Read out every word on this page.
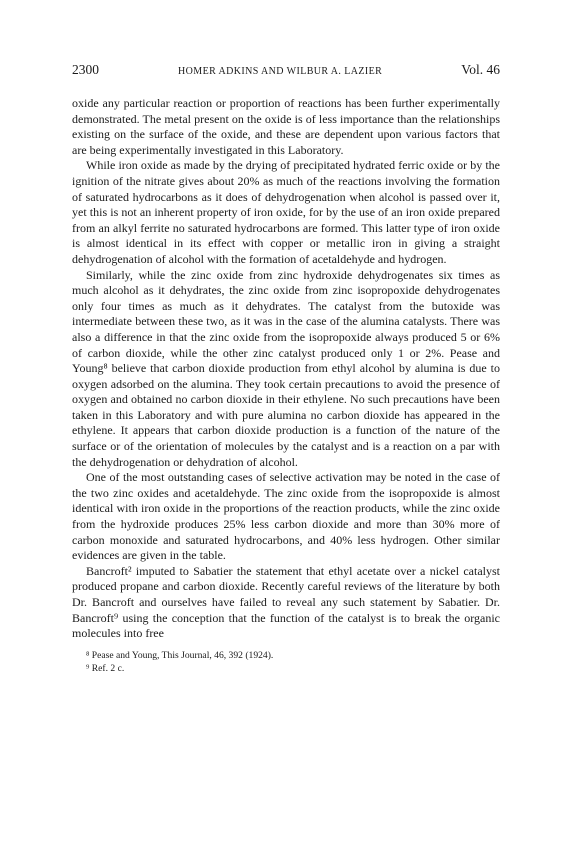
2300	HOMER ADKINS AND WILBUR A. LAZIER	Vol. 46

oxide any particular reaction or proportion of reactions has been further experimentally demonstrated. The metal present on the oxide is of less importance than the relationships existing on the surface of the oxide, and these are dependent upon various factors that are being experimentally investigated in this Laboratory.

While iron oxide as made by the drying of precipitated hydrated ferric oxide or by the ignition of the nitrate gives about 20% as much of the reactions involving the formation of saturated hydrocarbons as it does of dehydrogenation when alcohol is passed over it, yet this is not an inherent property of iron oxide, for by the use of an iron oxide prepared from an alkyl ferrite no saturated hydrocarbons are formed. This latter type of iron oxide is almost identical in its effect with copper or metallic iron in giving a straight dehydrogenation of alcohol with the formation of acetaldehyde and hydrogen.

Similarly, while the zinc oxide from zinc hydroxide dehydrogenates six times as much alcohol as it dehydrates, the zinc oxide from zinc isopropoxide dehydrogenates only four times as much as it dehydrates. The catalyst from the butoxide was intermediate between these two, as it was in the case of the alumina catalysts. There was also a difference in that the zinc oxide from the isopropoxide always produced 5 or 6% of carbon dioxide, while the other zinc catalyst produced only 1 or 2%. Pease and Young⁸ believe that carbon dioxide production from ethyl alcohol by alumina is due to oxygen adsorbed on the alumina. They took certain precautions to avoid the presence of oxygen and obtained no carbon dioxide in their ethylene. No such precautions have been taken in this Laboratory and with pure alumina no carbon dioxide has appeared in the ethylene. It appears that carbon dioxide production is a function of the nature of the surface or of the orientation of molecules by the catalyst and is a reaction on a par with the dehydrogenation or dehydration of alcohol.

One of the most outstanding cases of selective activation may be noted in the case of the two zinc oxides and acetaldehyde. The zinc oxide from the isopropoxide is almost identical with iron oxide in the proportions of the reaction products, while the zinc oxide from the hydroxide produces 25% less carbon dioxide and more than 30% more of carbon monoxide and saturated hydrocarbons, and 40% less hydrogen. Other similar evidences are given in the table.

Bancroft² imputed to Sabatier the statement that ethyl acetate over a nickel catalyst produced propane and carbon dioxide. Recently careful reviews of the literature by both Dr. Bancroft and ourselves have failed to reveal any such statement by Sabatier. Dr. Bancroft⁹ using the conception that the function of the catalyst is to break the organic molecules into free

⁸ Pease and Young, This Journal, 46, 392 (1924).
⁹ Ref. 2 c.
